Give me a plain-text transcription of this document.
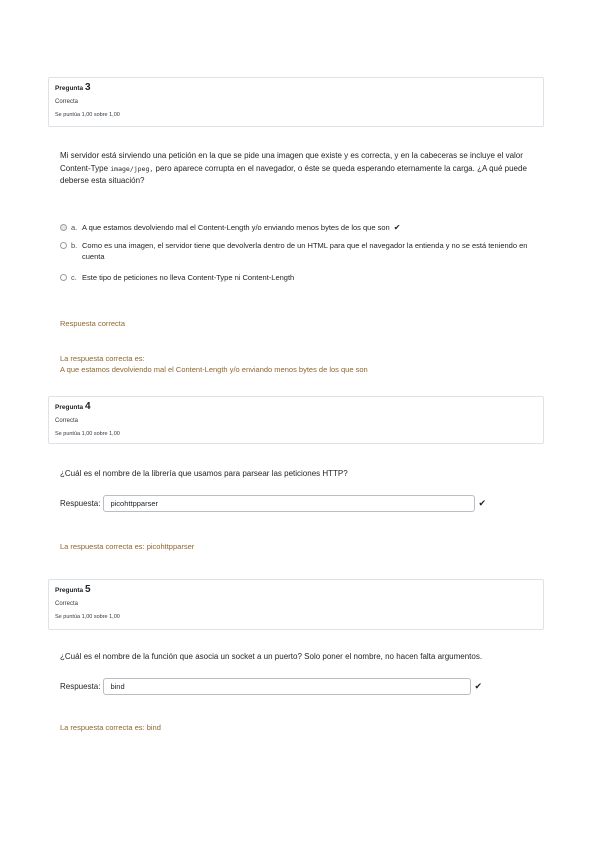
Pregunta 3
Correcta
Se puntúa 1,00 sobre 1,00
Mi servidor está sirviendo una petición en la que se pide una imagen que existe y es correcta, y en la cabeceras se incluye el valor Content-Type image/jpeg, pero aparece corrupta en el navegador, o éste se queda esperando eternamente la carga. ¿A qué puede deberse esta situación?
a. A que estamos devolviendo mal el Content-Length y/o enviando menos bytes de los que son ✔
b. Como es una imagen, el servidor tiene que devolverla dentro de un HTML para que el navegador la entienda y no se está teniendo en cuenta
c. Este tipo de peticiones no lleva Content-Type ni Content-Length
Respuesta correcta
La respuesta correcta es:
A que estamos devolviendo mal el Content-Length y/o enviando menos bytes de los que son
Pregunta 4
Correcta
Se puntúa 1,00 sobre 1,00
¿Cuál es el nombre de la librería que usamos para parsear las peticiones HTTP?
Respuesta:	picohttpparser	✔
La respuesta correcta es: picohttpparser
Pregunta 5
Correcta
Se puntúa 1,00 sobre 1,00
¿Cuál es el nombre de la función que asocia un socket a un puerto? Solo poner el nombre, no hacen falta argumentos.
Respuesta:	bind	✔
La respuesta correcta es: bind
